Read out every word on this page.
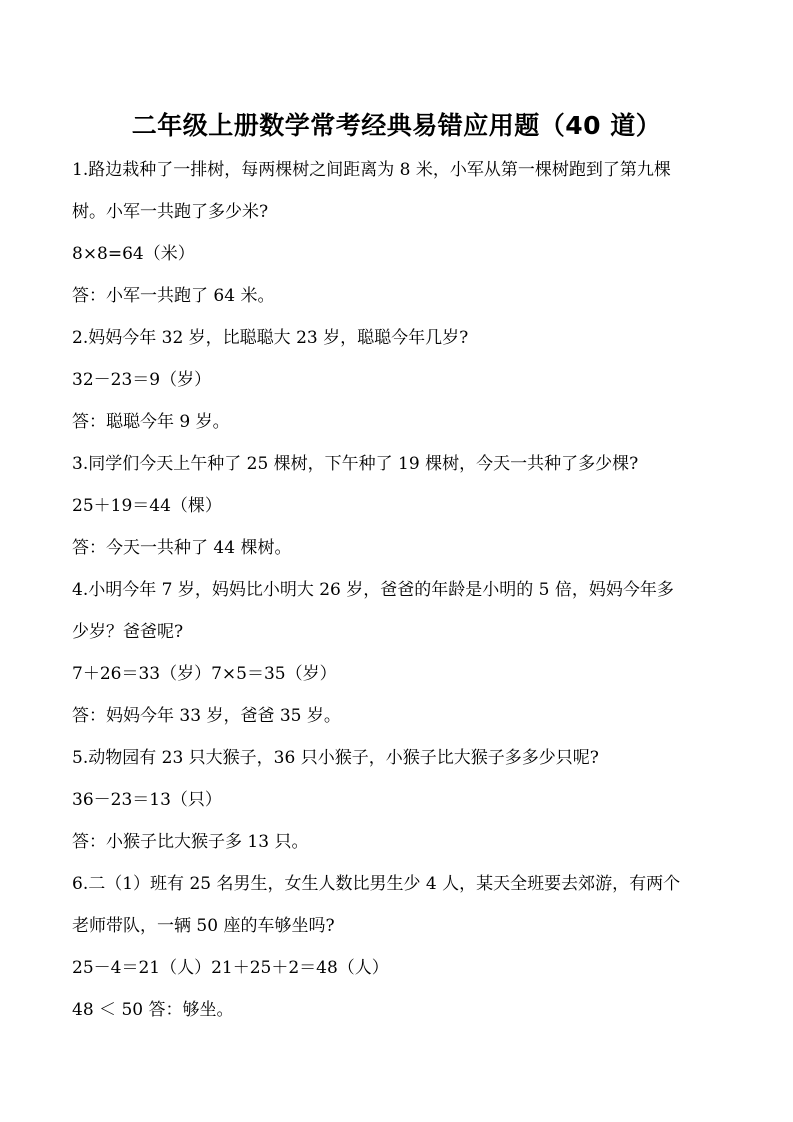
二年级上册数学常考经典易错应用题（40 道）
1.路边栽种了一排树，每两棵树之间距离为 8 米，小军从第一棵树跑到了第九棵
树。小军一共跑了多少米?
8×8=64（米）
答：小军一共跑了 64 米。
2.妈妈今年 32 岁，比聪聪大 23 岁，聪聪今年几岁?
32－23＝9（岁）
答：聪聪今年 9 岁。
3.同学们今天上午种了 25 棵树，下午种了 19 棵树，今天一共种了多少棵?
25＋19＝44（棵）
答：今天一共种了 44 棵树。
4.小明今年 7 岁，妈妈比小明大 26 岁，爸爸的年龄是小明的 5 倍，妈妈今年多
少岁？爸爸呢?
7＋26＝33（岁）7×5＝35（岁）
答：妈妈今年 33 岁，爸爸 35 岁。
5.动物园有 23 只大猴子，36 只小猴子，小猴子比大猴子多多少只呢?
36－23＝13（只）
答：小猴子比大猴子多 13 只。
6.二（1）班有 25 名男生，女生人数比男生少 4 人，某天全班要去郊游，有两个
老师带队，一辆 50 座的车够坐吗?
25－4＝21（人）21＋25＋2＝48（人）
48 ＜ 50 答：够坐。
